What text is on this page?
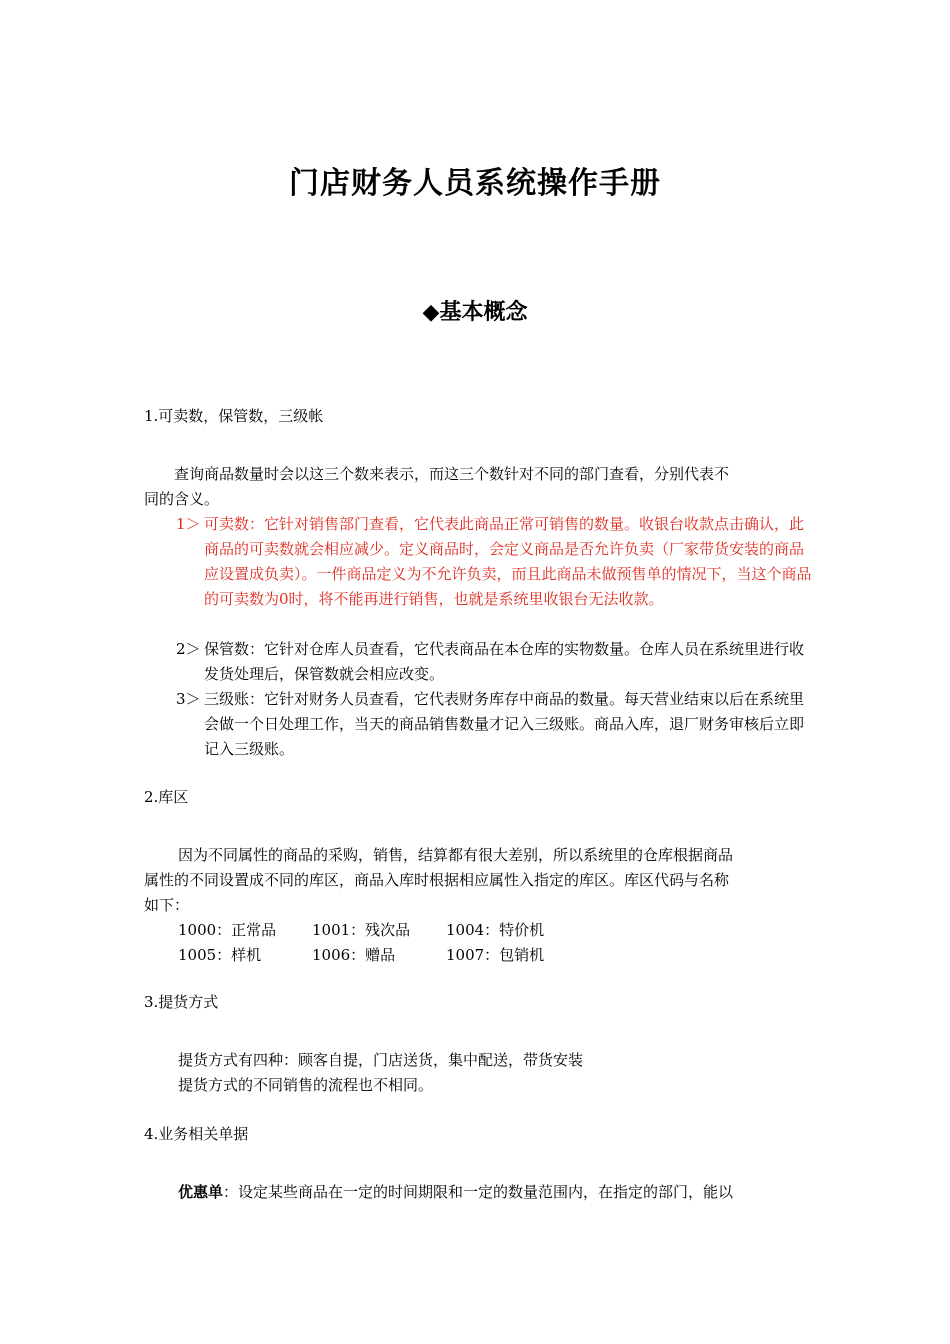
门店财务人员系统操作手册
◆基本概念
1.可卖数，保管数，三级帐
查询商品数量时会以这三个数来表示，而这三个数针对不同的部门查看，分别代表不
同的含义。
1＞ 可卖数：它针对销售部门查看，它代表此商品正常可销售的数量。收银台收款点击确认，此商品的可卖数就会相应减少。定义商品时，会定义商品是否允许负卖（厂家带货安装的商品应设置成负卖）。一件商品定义为不允许负卖，而且此商品未做预售单的情况下，当这个商品的可卖数为0时，将不能再进行销售，也就是系统里收银台无法收款。
2＞ 保管数：它针对仓库人员查看，它代表商品在本仓库的实物数量。仓库人员在系统里进行收发货处理后，保管数就会相应改变。
3＞ 三级账：它针对财务人员查看，它代表财务库存中商品的数量。每天营业结束以后在系统里会做一个日处理工作，当天的商品销售数量才记入三级账。商品入库，退厂财务审核后立即记入三级账。
2.库区
因为不同属性的商品的采购，销售，结算都有很大差别，所以系统里的仓库根据商品
属性的不同设置成不同的库区，商品入库时根据相应属性入指定的库区。库区代码与名称
如下：
1000：正常品 1001：残次品 1004：特价机
1005：样机	1006：赠品	1007：包销机
3.提货方式
提货方式有四种：顾客自提，门店送货，集中配送，带货安装
提货方式的不同销售的流程也不相同。
4.业务相关单据
优惠单：设定某些商品在一定的时间期限和一定的数量范围内，在指定的部门，能以
